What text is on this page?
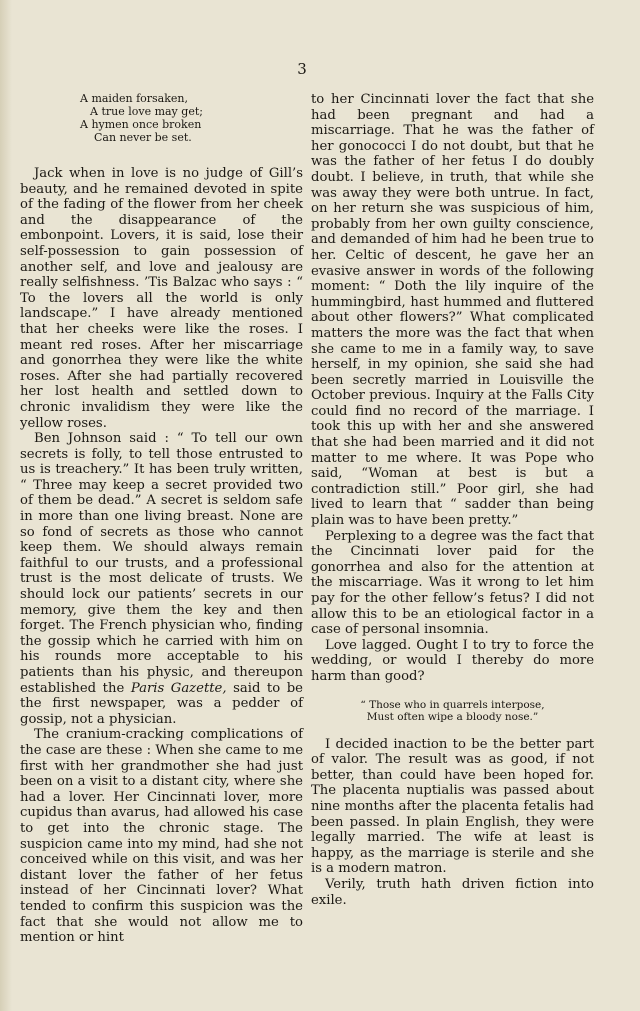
3
A maiden forsaken,
A true love may get;
A hymen once broken
Can never be set.

Jack when in love is no judge of Gill’s beauty, and he remained devoted in spite of the fading of the flower from her cheek and the disappearance of the embonpoint. Lovers, it is said, lose their self-possession to gain possession of another self, and love and jealousy are really selfishness. ’Tis Balzac who says : “ To the lovers all the world is only landscape.” I have already mentioned that her cheeks were like the roses. I meant red roses. After her miscarriage and gonorrhea they were like the white roses. After she had partially recovered her lost health and settled down to chronic invalidism they were like the yellow roses.

Ben Johnson said : “ To tell our own secrets is folly, to tell those entrusted to us is treachery.” It has been truly written, “ Three may keep a secret provided two of them be dead.” A secret is seldom safe in more than one living breast. None are so fond of secrets as those who cannot keep them. We should always remain faithful to our trusts, and a professional trust is the most delicate of trusts. We should lock our patients’ secrets in our memory, give them the key and then forget. The French physician who, finding the gossip which he carried with him on his rounds more acceptable to his patients than his physic, and thereupon established the Paris Gazette, said to be the first newspaper, was a pedder of gossip, not a physician.

The cranium-cracking complications of the case are these : When she came to me first with her grandmother she had just been on a visit to a distant city, where she had a lover. Her Cincinnati lover, more cupidus than avarus, had allowed his case to get into the chronic stage. The suspicion came into my mind, had she not conceived while on this visit, and was her distant lover the father of her fetus instead of her Cincinnati lover? What tended to confirm this suspicion was the fact that she would not allow me to mention or hint

to her Cincinnati lover the fact that she had been pregnant and had a miscarriage. That he was the father of her gonococci I do not doubt, but that he was the father of her fetus I do doubly doubt. I believe, in truth, that while she was away they were both untrue. In fact, on her return she was suspicious of him, probably from her own guilty conscience, and demanded of him had he been true to her. Celtic of descent, he gave her an evasive answer in words of the following moment: “ Doth the lily inquire of the hummingbird, hast hummed and fluttered about other flowers?” What complicated matters the more was the fact that when she came to me in a family way, to save herself, in my opinion, she said she had been secretly married in Louisville the October previous. Inquiry at the Falls City could find no record of the marriage. I took this up with her and she answered that she had been married and it did not matter to me where. It was Pope who said, “Woman at best is but a contradiction still.” Poor girl, she had lived to learn that “ sadder than being plain was to have been pretty.”

Perplexing to a degree was the fact that the Cincinnati lover paid for the gonorrhea and also for the attention at the miscarriage. Was it wrong to let him pay for the other fellow’s fetus? I did not allow this to be an etiological factor in a case of personal insomnia.

Love lagged. Ought I to try to force the wedding, or would I thereby do more harm than good?

“ Those who in quarrels interpose,
Must often wipe a bloody nose.”

I decided inaction to be the better part of valor. The result was as good, if not better, than could have been hoped for. The placenta nuptialis was passed about nine months after the placenta fetalis had been passed. In plain English, they were legally married. The wife at least is happy, as the marriage is sterile and she is a modern matron.

Verily, truth hath driven fiction into exile.
